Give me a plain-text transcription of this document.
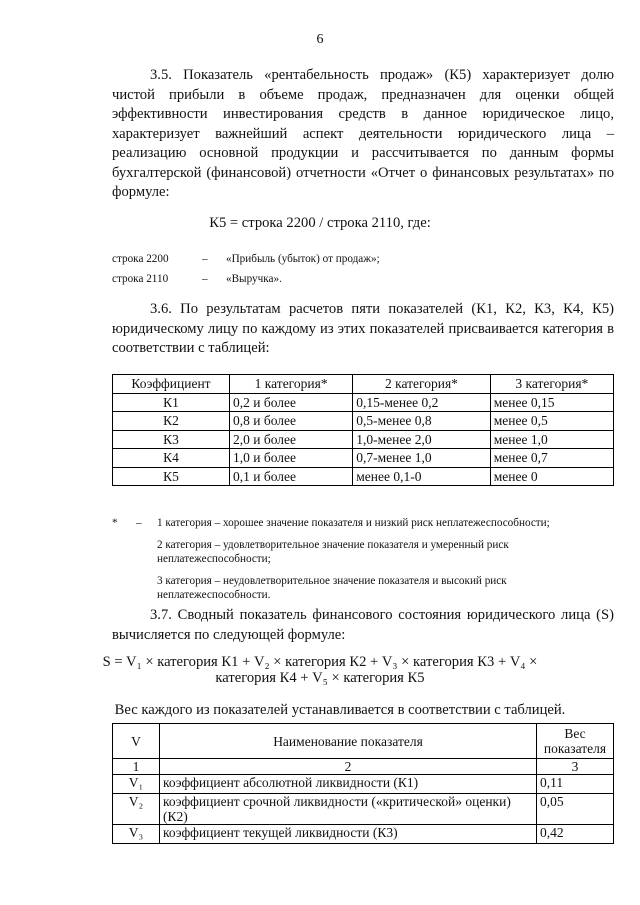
6
3.5. Показатель «рентабельность продаж» (К5) характеризует долю чистой прибыли в объеме продаж, предназначен для оценки общей эффективности инвестирования средств в данное юридическое лицо, характеризует важнейший аспект деятельности юридического лица – реализацию основной продукции и рассчитывается по данным формы бухгалтерской (финансовой) отчетности «Отчет о финансовых результатах» по формуле:
К5 = строка 2200 / строка 2110, где:
строка 2200	–	«Прибыль (убыток) от продаж»;
строка 2110	–	«Выручка».
3.6. По результатам расчетов пяти показателей (К1, К2, К3, К4, К5) юридическому лицу по каждому из этих показателей присваивается категория в соответствии с таблицей:
Коэффициент	1 категория*	2 категория*	3 категория*
К1	0,2 и более	0,15-менее 0,2	менее 0,15
К2	0,8 и более	0,5-менее 0,8	менее 0,5
К3	2,0 и более	1,0-менее 2,0	менее 1,0
К4	1,0 и более	0,7-менее 1,0	менее 0,7
К5	0,1 и более	менее 0,1-0	менее 0
* – 1 категория – хорошее значение показателя и низкий риск неплатежеспособности;
2 категория – удовлетворительное значение показателя и умеренный риск неплатежеспособности;
3 категория – неудовлетворительное значение показателя и высокий риск неплатежеспособности.
3.7. Сводный показатель финансового состояния юридического лица (S) вычисляется по следующей формуле:
S = V₁ × категория К1 + V₂ × категория К2 + V₃ × категория К3 + V₄ ×
категория К4 + V₅ × категория К5
Вес каждого из показателей устанавливается в соответствии с таблицей.
V	Наименование показателя	Вес показателя
1	2	3
V₁	коэффициент абсолютной ликвидности (К1)	0,11
V₂	коэффициент срочной ликвидности («критической» оценки) (К2)	0,05
V₃	коэффициент текущей ликвидности (К3)	0,42
